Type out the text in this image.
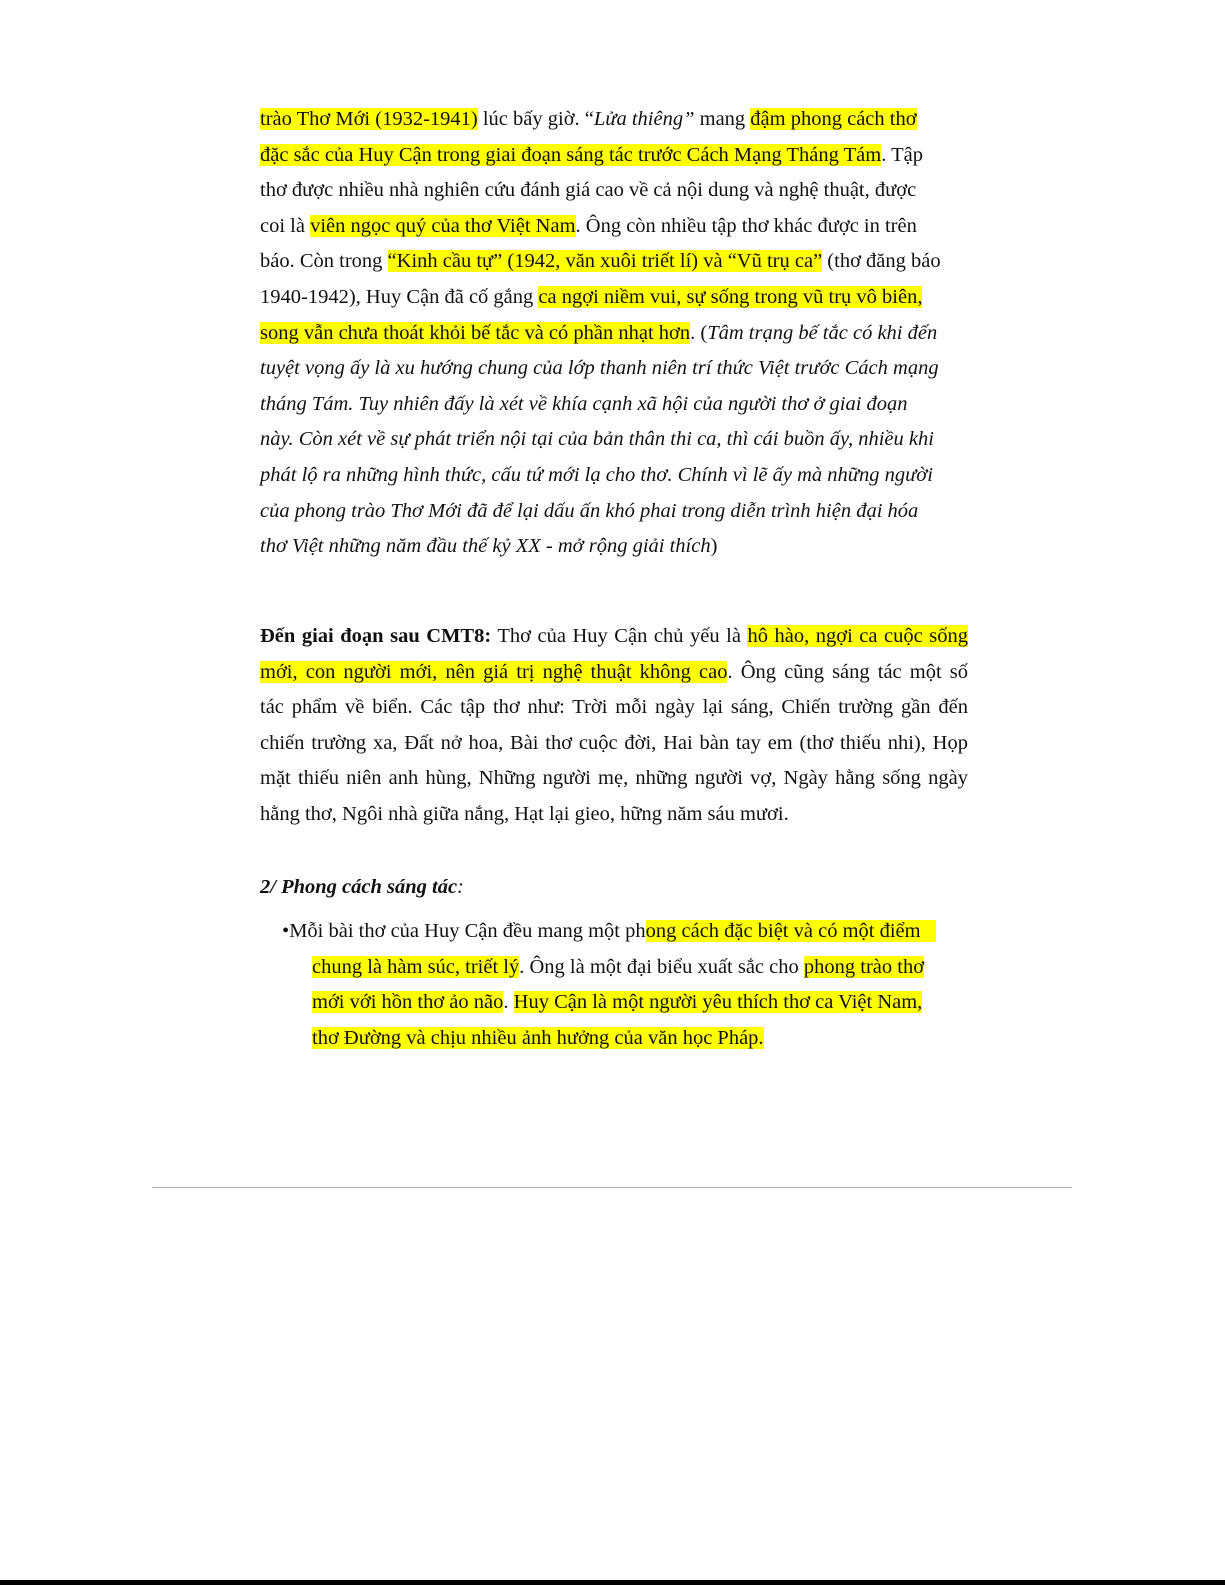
trào Thơ Mới (1932-1941) lúc bấy giờ. “Lửa thiêng” mang đậm phong cách thơ
đặc sắc của Huy Cận trong giai đoạn sáng tác trước Cách Mạng Tháng Tám. Tập
thơ được nhiều nhà nghiên cứu đánh giá cao về cả nội dung và nghệ thuật, được
coi là viên ngọc quý của thơ Việt Nam. Ông còn nhiều tập thơ khác được in trên
báo. Còn trong “Kinh cầu tự” (1942, văn xuôi triết lí) và “Vũ trụ ca” (thơ đăng báo
1940-1942), Huy Cận đã cố gắng ca ngợi niềm vui, sự sống trong vũ trụ vô biên,
song vẫn chưa thoát khỏi bế tắc và có phần nhạt hơn. (Tâm trạng bế tắc có khi đến
tuyệt vọng ấy là xu hướng chung của lớp thanh niên trí thức Việt trước Cách mạng
tháng Tám. Tuy nhiên đấy là xét về khía cạnh xã hội của người thơ ở giai đoạn
này. Còn xét về sự phát triển nội tại của bản thân thi ca, thì cái buồn ấy, nhiều khi
phát lộ ra những hình thức, cấu tứ mới lạ cho thơ. Chính vì lẽ ấy mà những người
của phong trào Thơ Mới đã để lại dấu ấn khó phai trong diễn trình hiện đại hóa
thơ Việt những năm đầu thế kỷ XX - mở rộng giải thích)

Đến giai đoạn sau CMT8: Thơ của Huy Cận chủ yếu là hô hào, ngợi ca cuộc sống
mới, con người mới, nên giá trị nghệ thuật không cao. Ông cũng sáng tác một số
tác phẩm về biển. Các tập thơ như: Trời mỗi ngày lại sáng, Chiến trường gần đến
chiến trường xa, Đất nở hoa, Bài thơ cuộc đời, Hai bàn tay em (thơ thiếu nhi), Họp
mặt thiếu niên anh hùng, Những người mẹ, những người vợ, Ngày hằng sống ngày
hằng thơ, Ngôi nhà giữa nắng, Hạt lại gieo, hững năm sáu mươi.

2/ Phong cách sáng tác:

•Mỗi bài thơ của Huy Cận đều mang một phong cách đặc biệt và có một điểm
chung là hàm súc, triết lý. Ông là một đại biểu xuất sắc cho phong trào thơ
mới với hồn thơ ảo não. Huy Cận là một người yêu thích thơ ca Việt Nam,
thơ Đường và chịu nhiều ảnh hưởng của văn học Pháp.
